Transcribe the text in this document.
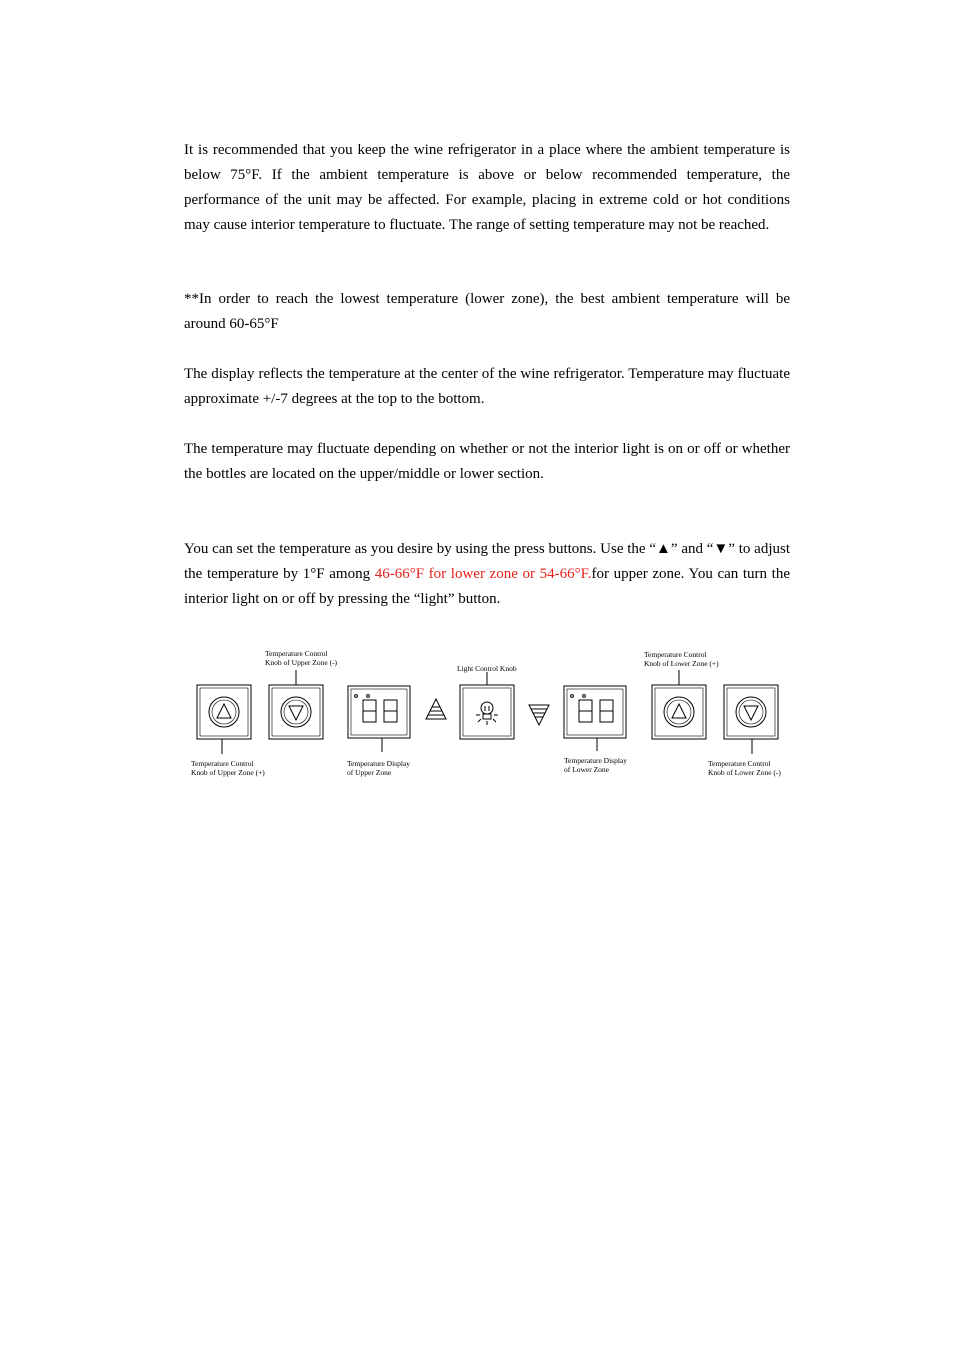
It is recommended that you keep the wine refrigerator in a place where the ambient temperature is below 75°F. If the ambient temperature is above or below recommended temperature, the performance of the unit may be affected. For example, placing in extreme cold or hot conditions may cause interior temperature to fluctuate. The range of setting temperature may not be reached.

**In order to reach the lowest temperature (lower zone), the best ambient temperature will be around 60-65°F

The display reflects the temperature at the center of the wine refrigerator. Temperature may fluctuate approximate +/-7 degrees at the top to the bottom.

The temperature may fluctuate depending on whether or not the interior light is on or off or whether the bottles are located on the upper/middle or lower section.

You can set the temperature as you desire by using the press buttons. Use the “▲” and “▼” to adjust the temperature by 1°F among 46-66°F for lower zone or 54-66°F.for upper zone. You can turn the interior light on or off by pressing the “light” button.

Temperature Control
Knob of Upper Zone (-)
Light Control Knob
Temperature Control
Knob of Lower Zone (+)
Temperature Control
Knob of Upper Zone (+)
Temperature Display
of Upper Zone
Temperature Display
of Lower Zone
Temperature Control
Knob of Lower Zone (-)
